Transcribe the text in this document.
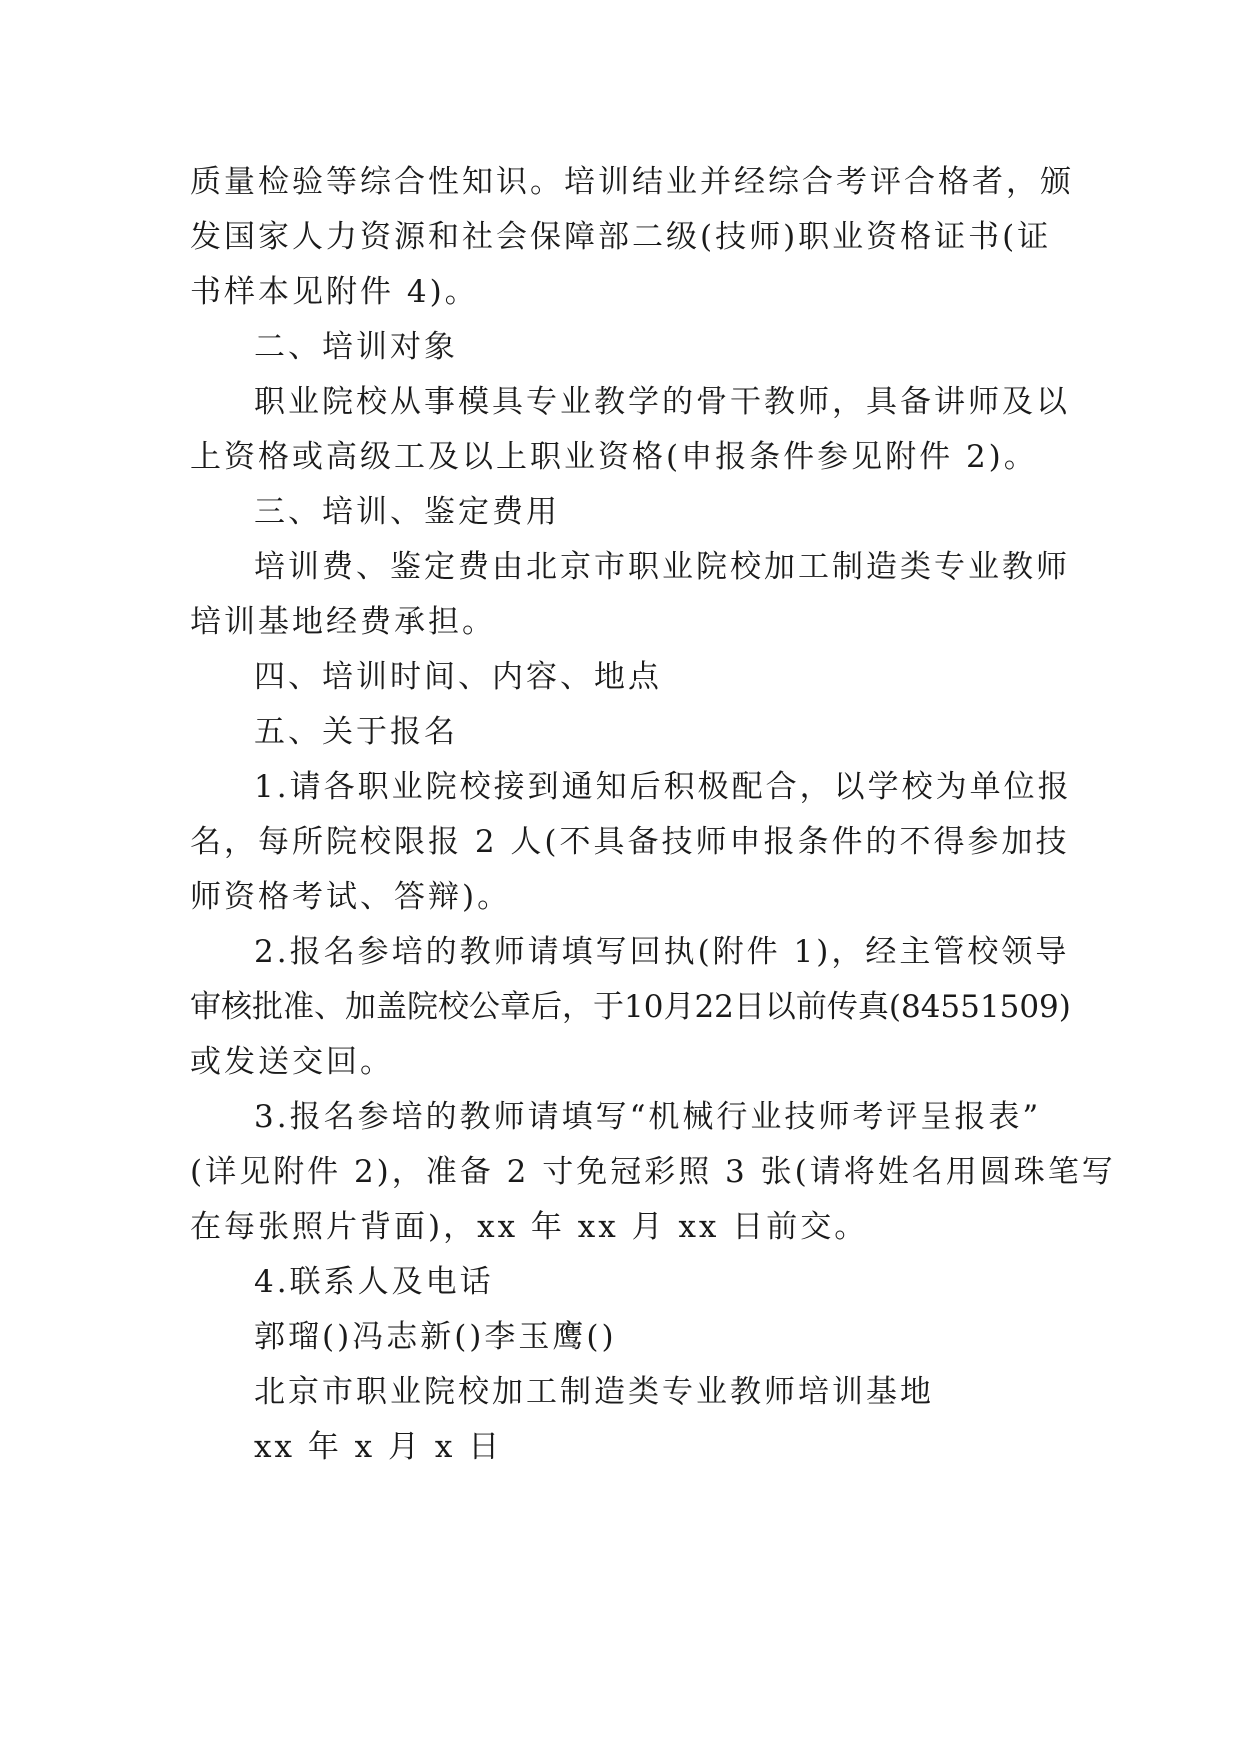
质量检验等综合性知识。培训结业并经综合考评合格者，颁
发国家人力资源和社会保障部二级(技师)职业资格证书(证
书样本见附件 4)。
二、培训对象
职业院校从事模具专业教学的骨干教师，具备讲师及以
上资格或高级工及以上职业资格(申报条件参见附件 2)。
三、培训、鉴定费用
培训费、鉴定费由北京市职业院校加工制造类专业教师
培训基地经费承担。
四、培训时间、内容、地点
五、关于报名
1.请各职业院校接到通知后积极配合，以学校为单位报
名，每所院校限报 2 人(不具备技师申报条件的不得参加技
师资格考试、答辩)。
2.报名参培的教师请填写回执(附件 1)，经主管校领导
审核批准、加盖院校公章后，于10月22日以前传真(84551509)
或发送交回。
3.报名参培的教师请填写“机械行业技师考评呈报表”
(详见附件 2)，准备 2 寸免冠彩照 3 张(请将姓名用圆珠笔写
在每张照片背面)，xx 年 xx 月 xx 日前交。
4.联系人及电话
郭瑠()冯志新()李玉鹰()
北京市职业院校加工制造类专业教师培训基地
xx 年 x 月 x 日
